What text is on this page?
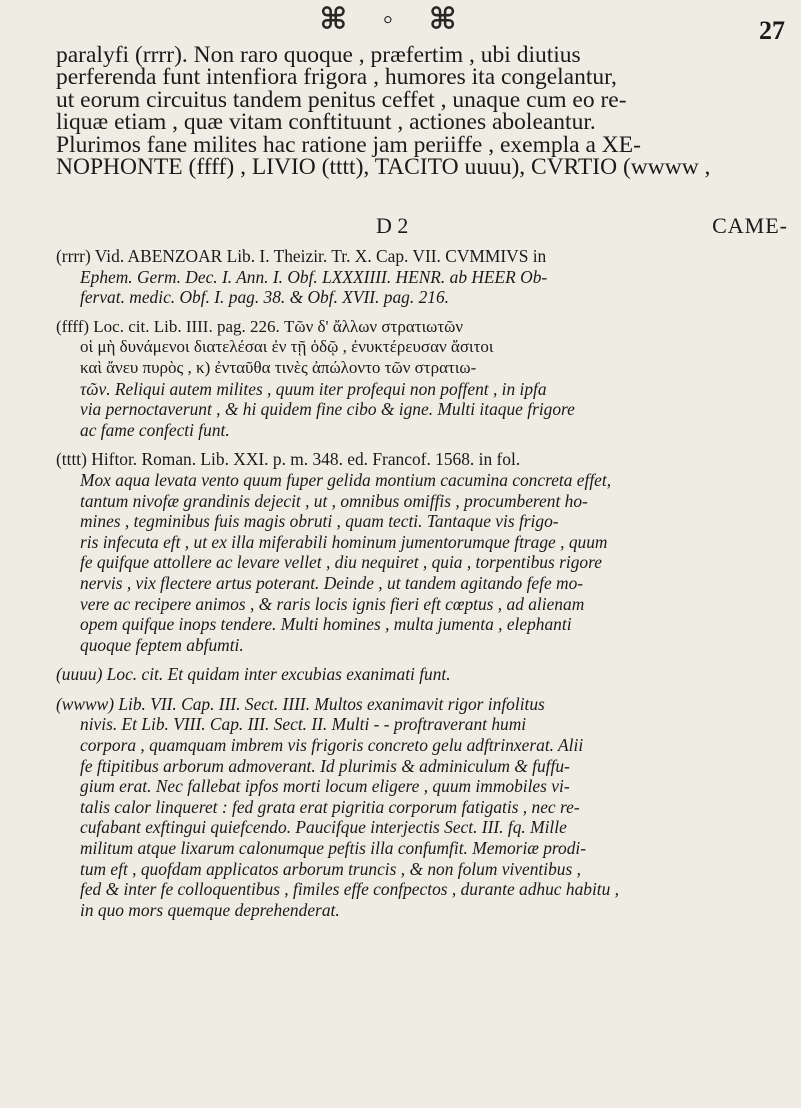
⌘ ◦ ⌘	27
paralyfi (rrrr). Non raro quoque , præfertim , ubi diutius
perferenda funt intenfiora frigora , humores ita congelantur,
ut eorum circuitus tandem penitus ceffet , unaque cum eo re-
liquæ etiam , quæ vitam conftituunt , actiones aboleantur.
Plurimos fane milites hac ratione jam periiffe , exempla a XE-
NOPHONTE (ffff) , LIVIO (tttt), TACITO uuuu), CVRTIO (wwww ,
D 2	CAME-
(rrrr) Vid. ABENZOAR Lib. I. Theizir. Tr. X. Cap. VII. CVMMIVS in
Ephem. Germ. Dec. I. Ann. I. Obf. LXXXIIII. HENR. ab HEER Ob-
fervat. medic. Obf. I. pag. 38. & Obf. XVII. pag. 216.
(ffff) Loc. cit. Lib. IIII. pag. 226. Τῶν δ' ἄλλων στρατιωτῶν
οἱ μὴ δυνάμενοι διατελέσαι ἐν τῇ ὁδῷ , ἐνυκτέρευσαν ἄσιτοι
καὶ ἄνευ πυρὸς , κ) ἐνταῦθα τινὲς ἀπώλοντο τῶν στρατιω-
τῶν. Reliqui autem milites , quum iter profequi non poffent , in ipfa
via pernoctaverunt , & hi quidem fine cibo & igne. Multi itaque frigore
ac fame confecti funt.
(tttt) Hiftor. Roman. Lib. XXI. p. m. 348. ed. Francof. 1568. in fol.
Mox aqua levata vento quum fuper gelida montium cacumina concreta effet,
tantum nivofæ grandinis dejecit , ut , omnibus omiffis , procumberent ho-
mines , tegminibus fuis magis obruti , quam tecti. Tantaque vis frigo-
ris infecuta eft , ut ex illa miferabili hominum jumentorumque ftrage , quum
fe quifque attollere ac levare vellet , diu nequiret , quia , torpentibus rigore
nervis , vix flectere artus poterant. Deinde , ut tandem agitando fefe mo-
vere ac recipere animos , & raris locis ignis fieri eft cœptus , ad alienam
opem quifque inops tendere. Multi homines , multa jumenta , elephanti
quoque feptem abfumti.
(uuuu) Loc. cit. Et quidam inter excubias exanimati funt.
(wwww) Lib. VII. Cap. III. Sect. IIII. Multos exanimavit rigor infolitus
nivis. Et Lib. VIII. Cap. III. Sect. II. Multi - - proftraverant humi
corpora , quamquam imbrem vis frigoris concreto gelu adftrinxerat. Alii
fe ftipitibus arborum admoverant. Id plurimis & adminiculum & fuffu-
gium erat. Nec fallebat ipfos morti locum eligere , quum immobiles vi-
talis calor linqueret : fed grata erat pigritia corporum fatigatis , nec re-
cufabant exftingui quiefcendo. Paucifque interjectis Sect. III. fq. Mille
militum atque lixarum calonumque peftis illa confumfit. Memoriæ prodi-
tum eft , quofdam applicatos arborum truncis , & non folum viventibus ,
fed & inter fe colloquentibus , fimiles effe confpectos , durante adhuc habitu ,
in quo mors quemque deprehenderat.
